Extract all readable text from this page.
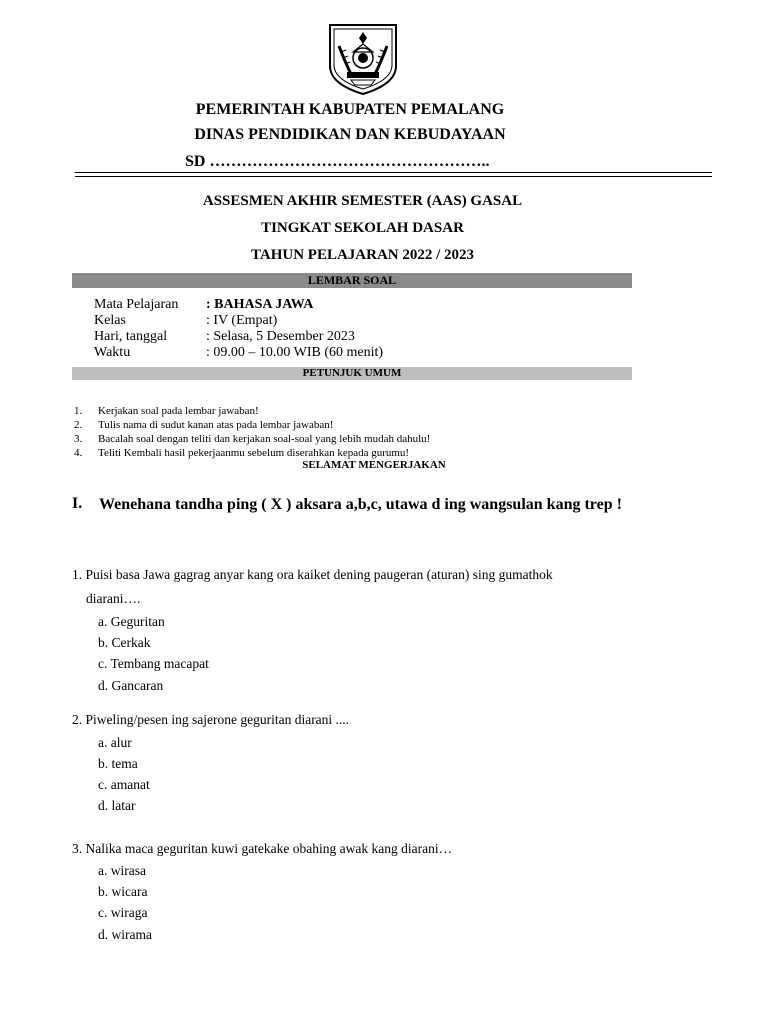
PEMERINTAH KABUPATEN PEMALANG
DINAS PENDIDIKAN DAN KEBUDAYAAN
SD ……………………………………………..
ASSESMEN AKHIR SEMESTER (AAS) GASAL
TINGKAT SEKOLAH DASAR
TAHUN PELAJARAN 2022 / 2023
LEMBAR SOAL
Mata Pelajaran : BAHASA JAWA
Kelas	: IV (Empat)
Hari, tanggal	: Selasa, 5 Desember 2023
Waktu	: 09.00 – 10.00 WIB (60 menit)
PETUNJUK UMUM
1. Kerjakan soal pada lembar jawaban!
2. Tulis nama di sudut kanan atas pada lembar jawaban!
3. Bacalah soal dengan teliti dan kerjakan soal-soal yang lebih mudah dahulu!
4. Teliti Kembali hasil pekerjaanmu sebelum diserahkan kepada gurumu!
SELAMAT MENGERJAKAN
I. Wenehana tandha ping ( X ) aksara a,b,c, utawa d ing wangsulan kang trep !
1. Puisi basa Jawa gagrag anyar kang ora kaiket dening paugeran (aturan) sing gumathok
diarani….
a. Geguritan
b. Cerkak
c. Tembang macapat
d. Gancaran
2. Piweling/pesen ing sajerone geguritan diarani ....
a. alur
b. tema
c. amanat
d. latar
3. Nalika maca geguritan kuwi gatekake obahing awak kang diarani…
a. wirasa
b. wicara
c. wiraga
d. wirama
